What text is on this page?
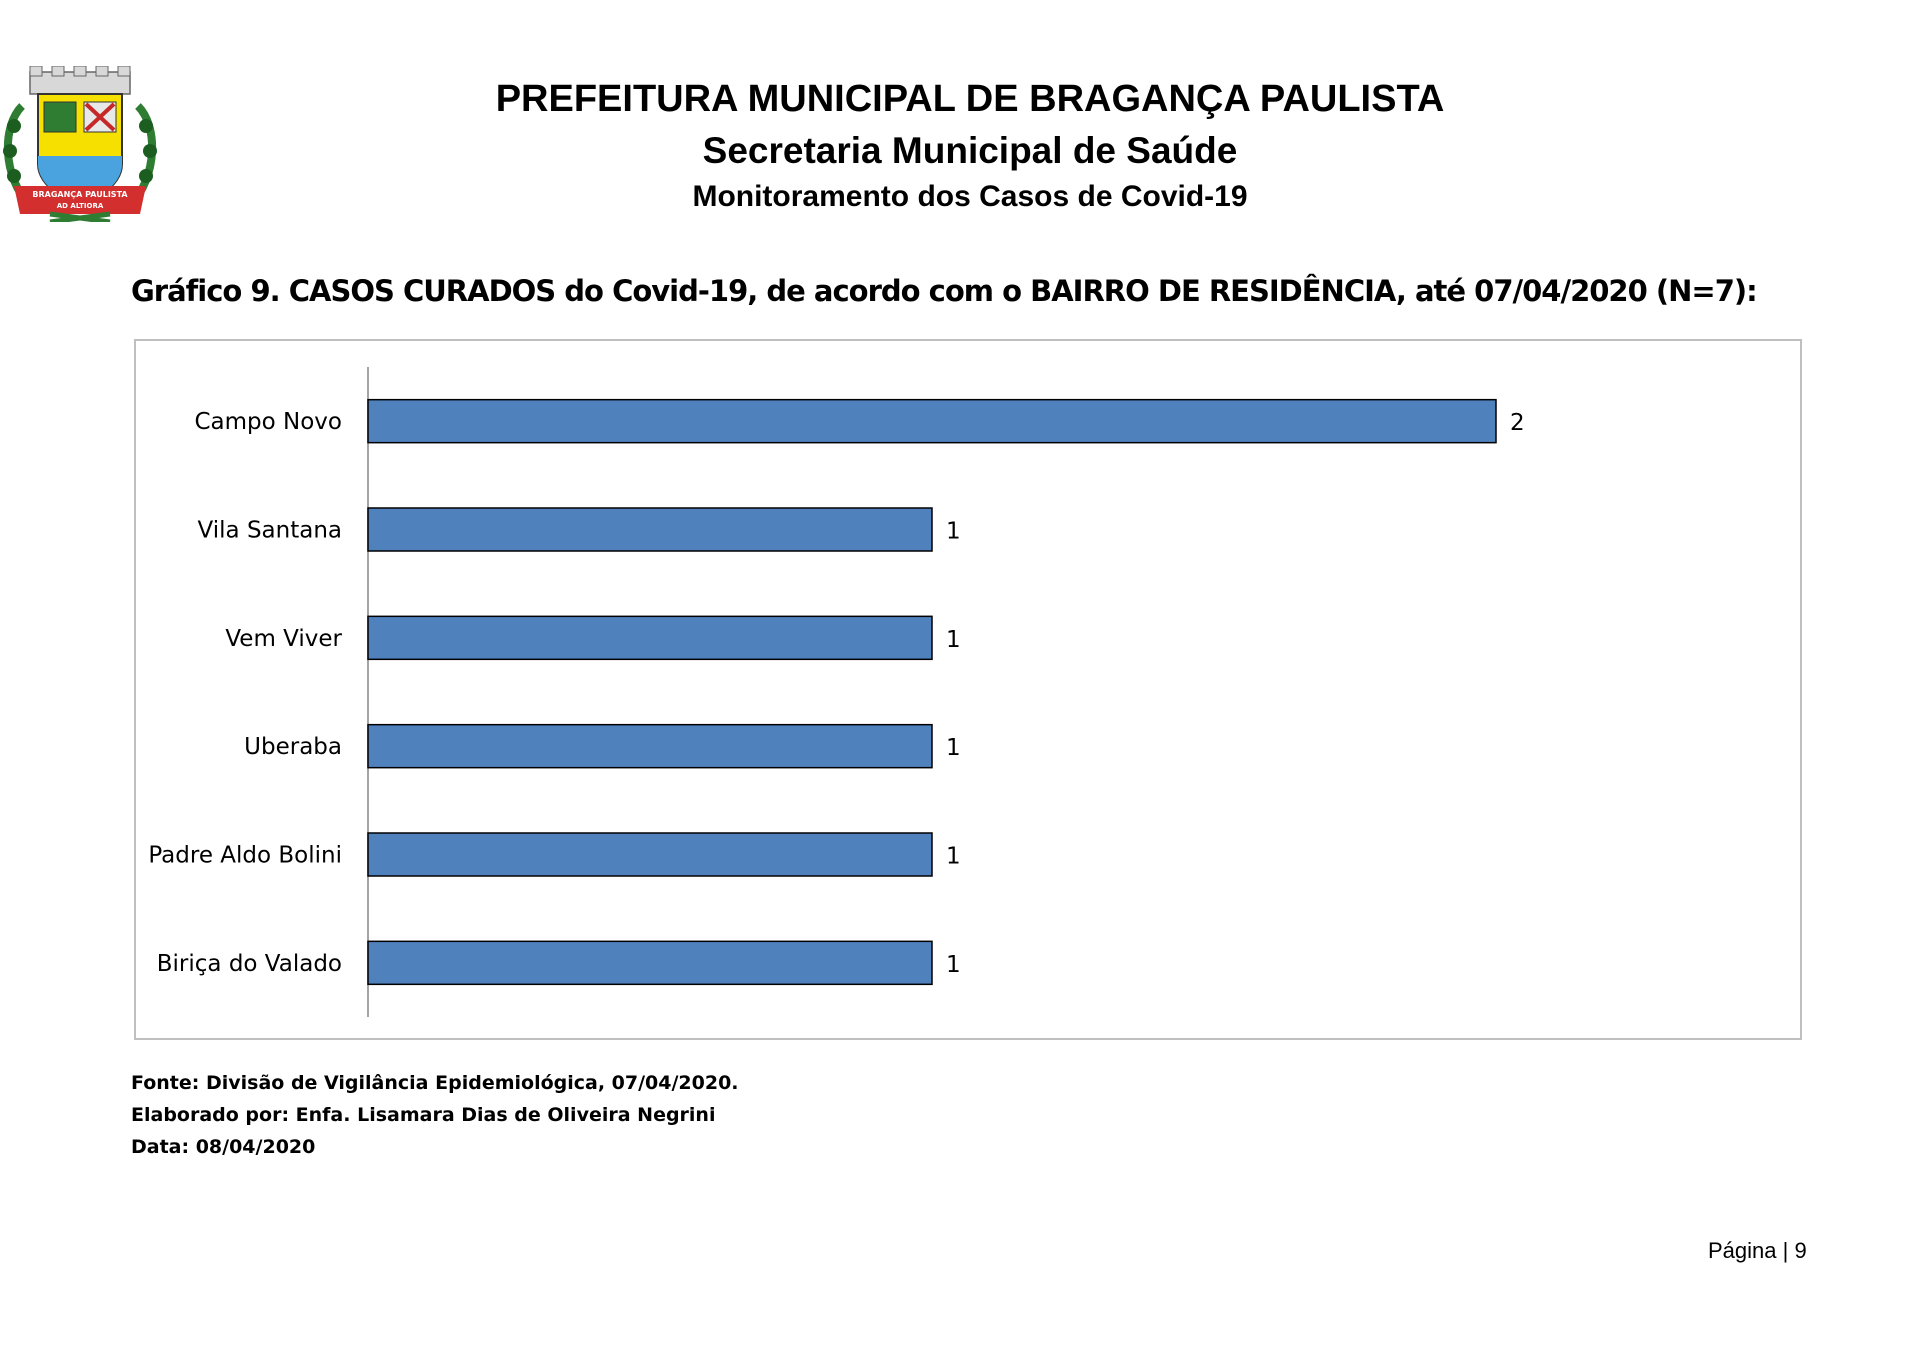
BRAGANÇA PAULISTA
AD ALTIORA
PREFEITURA MUNICIPAL DE BRAGANÇA PAULISTA
Secretaria Municipal de Saúde
Monitoramento dos Casos de Covid-19
Gráfico 9. CASOS CURADOS do Covid-19, de acordo com o BAIRRO DE RESIDÊNCIA, até 07/04/2020 (N=7):
Campo Novo	2
Vila Santana	1
Vem Viver	1
Uberaba	1
Padre Aldo Bolini	1
Biriça do Valado	1
Fonte: Divisão de Vigilância Epidemiológica, 07/04/2020.
Elaborado por: Enfa. Lisamara Dias de Oliveira Negrini
Data: 08/04/2020
Página | 9
